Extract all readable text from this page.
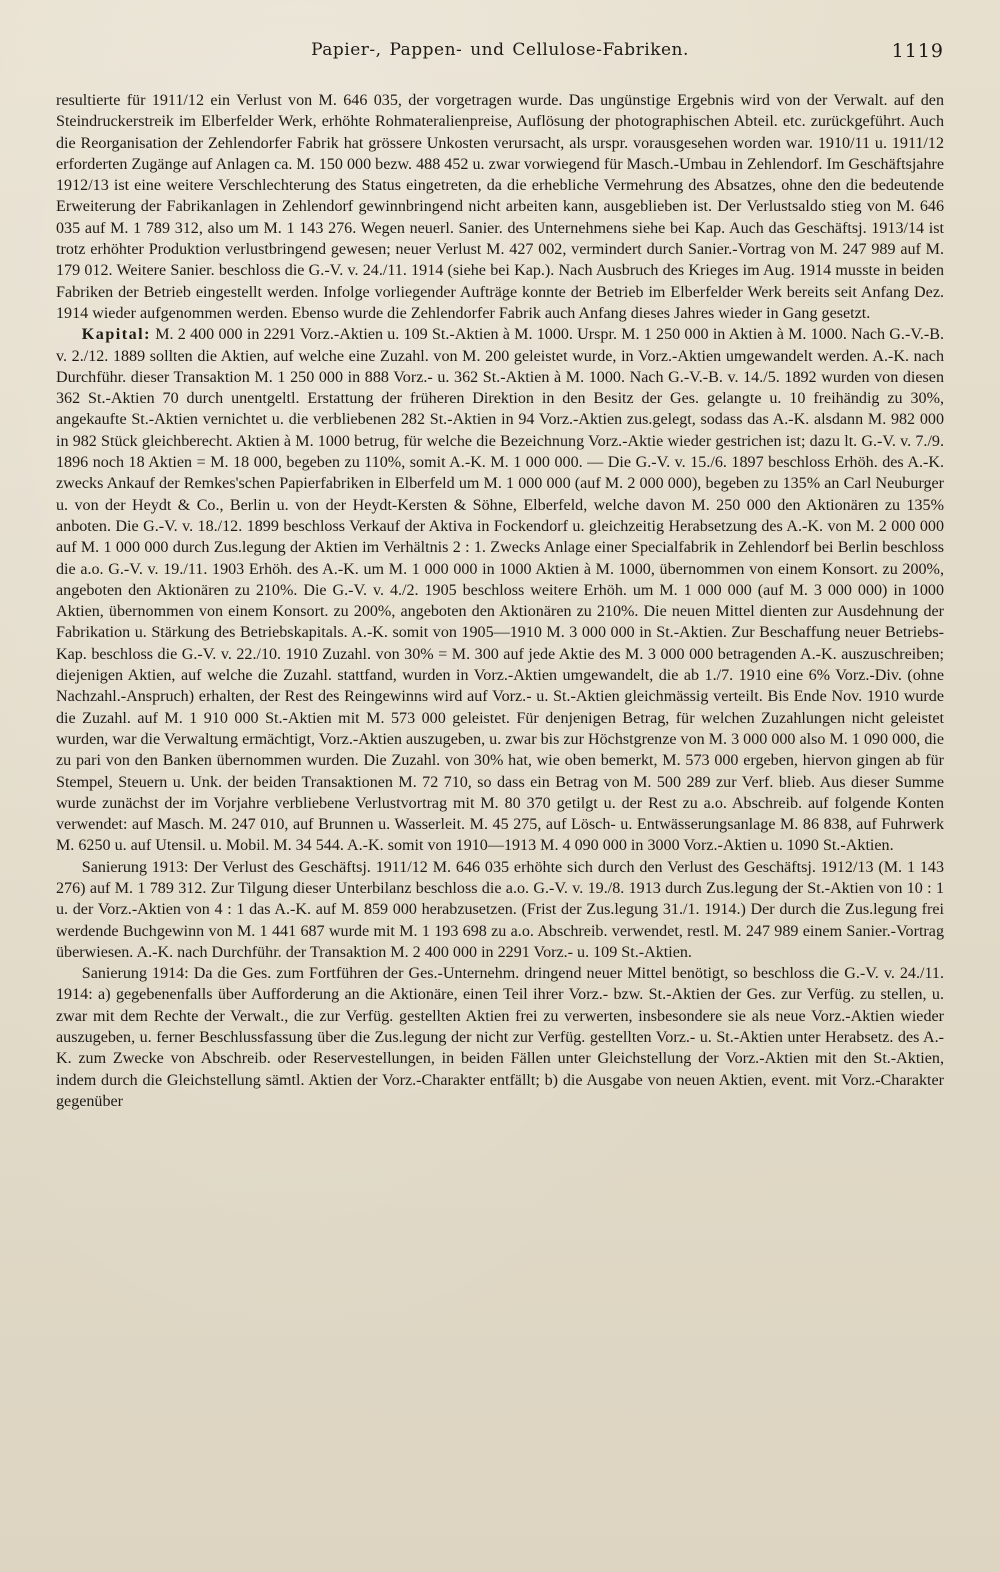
Papier-, Pappen- und Cellulose-Fabriken.	1119

resultierte für 1911/12 ein Verlust von M. 646 035, der vorgetragen wurde. Das ungünstige Ergebnis wird von der Verwalt. auf den Steindruckerstreik im Elberfelder Werk, erhöhte Rohmateralienpreise, Auflösung der photographischen Abteil. etc. zurückgeführt. Auch die Reorganisation der Zehlendorfer Fabrik hat grössere Unkosten verursacht, als urspr. vorausgesehen worden war. 1910/11 u. 1911/12 erforderten Zugänge auf Anlagen ca. M. 150 000 bezw. 488 452 u. zwar vorwiegend für Masch.-Umbau in Zehlendorf. Im Geschäftsjahre 1912/13 ist eine weitere Verschlechterung des Status eingetreten, da die erhebliche Vermehrung des Absatzes, ohne den die bedeutende Erweiterung der Fabrikanlagen in Zehlendorf gewinnbringend nicht arbeiten kann, ausgeblieben ist. Der Verlustsaldo stieg von M. 646 035 auf M. 1 789 312, also um M. 1 143 276. Wegen neuerl. Sanier. des Unternehmens siehe bei Kap. Auch das Geschäftsj. 1913/14 ist trotz erhöhter Produktion verlustbringend gewesen; neuer Verlust M. 427 002, vermindert durch Sanier.-Vortrag von M. 247 989 auf M. 179 012. Weitere Sanier. beschloss die G.-V. v. 24./11. 1914 (siehe bei Kap.). Nach Ausbruch des Krieges im Aug. 1914 musste in beiden Fabriken der Betrieb eingestellt werden. Infolge vorliegender Aufträge konnte der Betrieb im Elberfelder Werk bereits seit Anfang Dez. 1914 wieder aufgenommen werden. Ebenso wurde die Zehlendorfer Fabrik auch Anfang dieses Jahres wieder in Gang gesetzt.

Kapital: M. 2 400 000 in 2291 Vorz.-Aktien u. 109 St.-Aktien à M. 1000. Urspr. M. 1 250 000 in Aktien à M. 1000. Nach G.-V.-B. v. 2./12. 1889 sollten die Aktien, auf welche eine Zuzahl. von M. 200 geleistet wurde, in Vorz.-Aktien umgewandelt werden. A.-K. nach Durchführ. dieser Transaktion M. 1 250 000 in 888 Vorz.- u. 362 St.-Aktien à M. 1000. Nach G.-V.-B. v. 14./5. 1892 wurden von diesen 362 St.-Aktien 70 durch unentgeltl. Erstattung der früheren Direktion in den Besitz der Ges. gelangte u. 10 freihändig zu 30%, angekaufte St.-Aktien vernichtet u. die verbliebenen 282 St.-Aktien in 94 Vorz.-Aktien zus.gelegt, sodass das A.-K. alsdann M. 982 000 in 982 Stück gleichberecht. Aktien à M. 1000 betrug, für welche die Bezeichnung Vorz.-Aktie wieder gestrichen ist; dazu lt. G.-V. v. 7./9. 1896 noch 18 Aktien = M. 18 000, begeben zu 110%, somit A.-K. M. 1 000 000. — Die G.-V. v. 15./6. 1897 beschloss Erhöh. des A.-K. zwecks Ankauf der Remkes'schen Papierfabriken in Elberfeld um M. 1 000 000 (auf M. 2 000 000), begeben zu 135% an Carl Neuburger u. von der Heydt & Co., Berlin u. von der Heydt-Kersten & Söhne, Elberfeld, welche davon M. 250 000 den Aktionären zu 135% anboten. Die G.-V. v. 18./12. 1899 beschloss Verkauf der Aktiva in Fockendorf u. gleichzeitig Herabsetzung des A.-K. von M. 2 000 000 auf M. 1 000 000 durch Zus.legung der Aktien im Verhältnis 2 : 1. Zwecks Anlage einer Specialfabrik in Zehlendorf bei Berlin beschloss die a.o. G.-V. v. 19./11. 1903 Erhöh. des A.-K. um M. 1 000 000 in 1000 Aktien à M. 1000, übernommen von einem Konsort. zu 200%, angeboten den Aktionären zu 210%. Die G.-V. v. 4./2. 1905 beschloss weitere Erhöh. um M. 1 000 000 (auf M. 3 000 000) in 1000 Aktien, übernommen von einem Konsort. zu 200%, angeboten den Aktionären zu 210%. Die neuen Mittel dienten zur Ausdehnung der Fabrikation u. Stärkung des Betriebskapitals. A.-K. somit von 1905—1910 M. 3 000 000 in St.-Aktien. Zur Beschaffung neuer Betriebs-Kap. beschloss die G.-V. v. 22./10. 1910 Zuzahl. von 30% = M. 300 auf jede Aktie des M. 3 000 000 betragenden A.-K. auszuschreiben; diejenigen Aktien, auf welche die Zuzahl. stattfand, wurden in Vorz.-Aktien umgewandelt, die ab 1./7. 1910 eine 6% Vorz.-Div. (ohne Nachzahl.-Anspruch) erhalten, der Rest des Reingewinns wird auf Vorz.- u. St.-Aktien gleichmässig verteilt. Bis Ende Nov. 1910 wurde die Zuzahl. auf M. 1 910 000 St.-Aktien mit M. 573 000 geleistet. Für denjenigen Betrag, für welchen Zuzahlungen nicht geleistet wurden, war die Verwaltung ermächtigt, Vorz.-Aktien auszugeben, u. zwar bis zur Höchstgrenze von M. 3 000 000 also M. 1 090 000, die zu pari von den Banken übernommen wurden. Die Zuzahl. von 30% hat, wie oben bemerkt, M. 573 000 ergeben, hiervon gingen ab für Stempel, Steuern u. Unk. der beiden Transaktionen M. 72 710, so dass ein Betrag von M. 500 289 zur Verf. blieb. Aus dieser Summe wurde zunächst der im Vorjahre verbliebene Verlustvortrag mit M. 80 370 getilgt u. der Rest zu a.o. Abschreib. auf folgende Konten verwendet: auf Masch. M. 247 010, auf Brunnen u. Wasserleit. M. 45 275, auf Lösch- u. Entwässerungsanlage M. 86 838, auf Fuhrwerk M. 6250 u. auf Utensil. u. Mobil. M. 34 544. A.-K. somit von 1910—1913 M. 4 090 000 in 3000 Vorz.-Aktien u. 1090 St.-Aktien.

Sanierung 1913: Der Verlust des Geschäftsj. 1911/12 M. 646 035 erhöhte sich durch den Verlust des Geschäftsj. 1912/13 (M. 1 143 276) auf M. 1 789 312. Zur Tilgung dieser Unterbilanz beschloss die a.o. G.-V. v. 19./8. 1913 durch Zus.legung der St.-Aktien von 10 : 1 u. der Vorz.-Aktien von 4 : 1 das A.-K. auf M. 859 000 herabzusetzen. (Frist der Zus.legung 31./1. 1914.) Der durch die Zus.legung frei werdende Buchgewinn von M. 1 441 687 wurde mit M. 1 193 698 zu a.o. Abschreib. verwendet, restl. M. 247 989 einem Sanier.-Vortrag überwiesen. A.-K. nach Durchführ. der Transaktion M. 2 400 000 in 2291 Vorz.- u. 109 St.-Aktien.

Sanierung 1914: Da die Ges. zum Fortführen der Ges.-Unternehm. dringend neuer Mittel benötigt, so beschloss die G.-V. v. 24./11. 1914: a) gegebenenfalls über Aufforderung an die Aktionäre, einen Teil ihrer Vorz.- bzw. St.-Aktien der Ges. zur Verfüg. zu stellen, u. zwar mit dem Rechte der Verwalt., die zur Verfüg. gestellten Aktien frei zu verwerten, insbesondere sie als neue Vorz.-Aktien wieder auszugeben, u. ferner Beschlussfassung über die Zus.legung der nicht zur Verfüg. gestellten Vorz.- u. St.-Aktien unter Herabsetz. des A.-K. zum Zwecke von Abschreib. oder Reservestellungen, in beiden Fällen unter Gleichstellung der Vorz.-Aktien mit den St.-Aktien, indem durch die Gleichstellung sämtl. Aktien der Vorz.-Charakter entfällt; b) die Ausgabe von neuen Aktien, event. mit Vorz.-Charakter gegenüber
